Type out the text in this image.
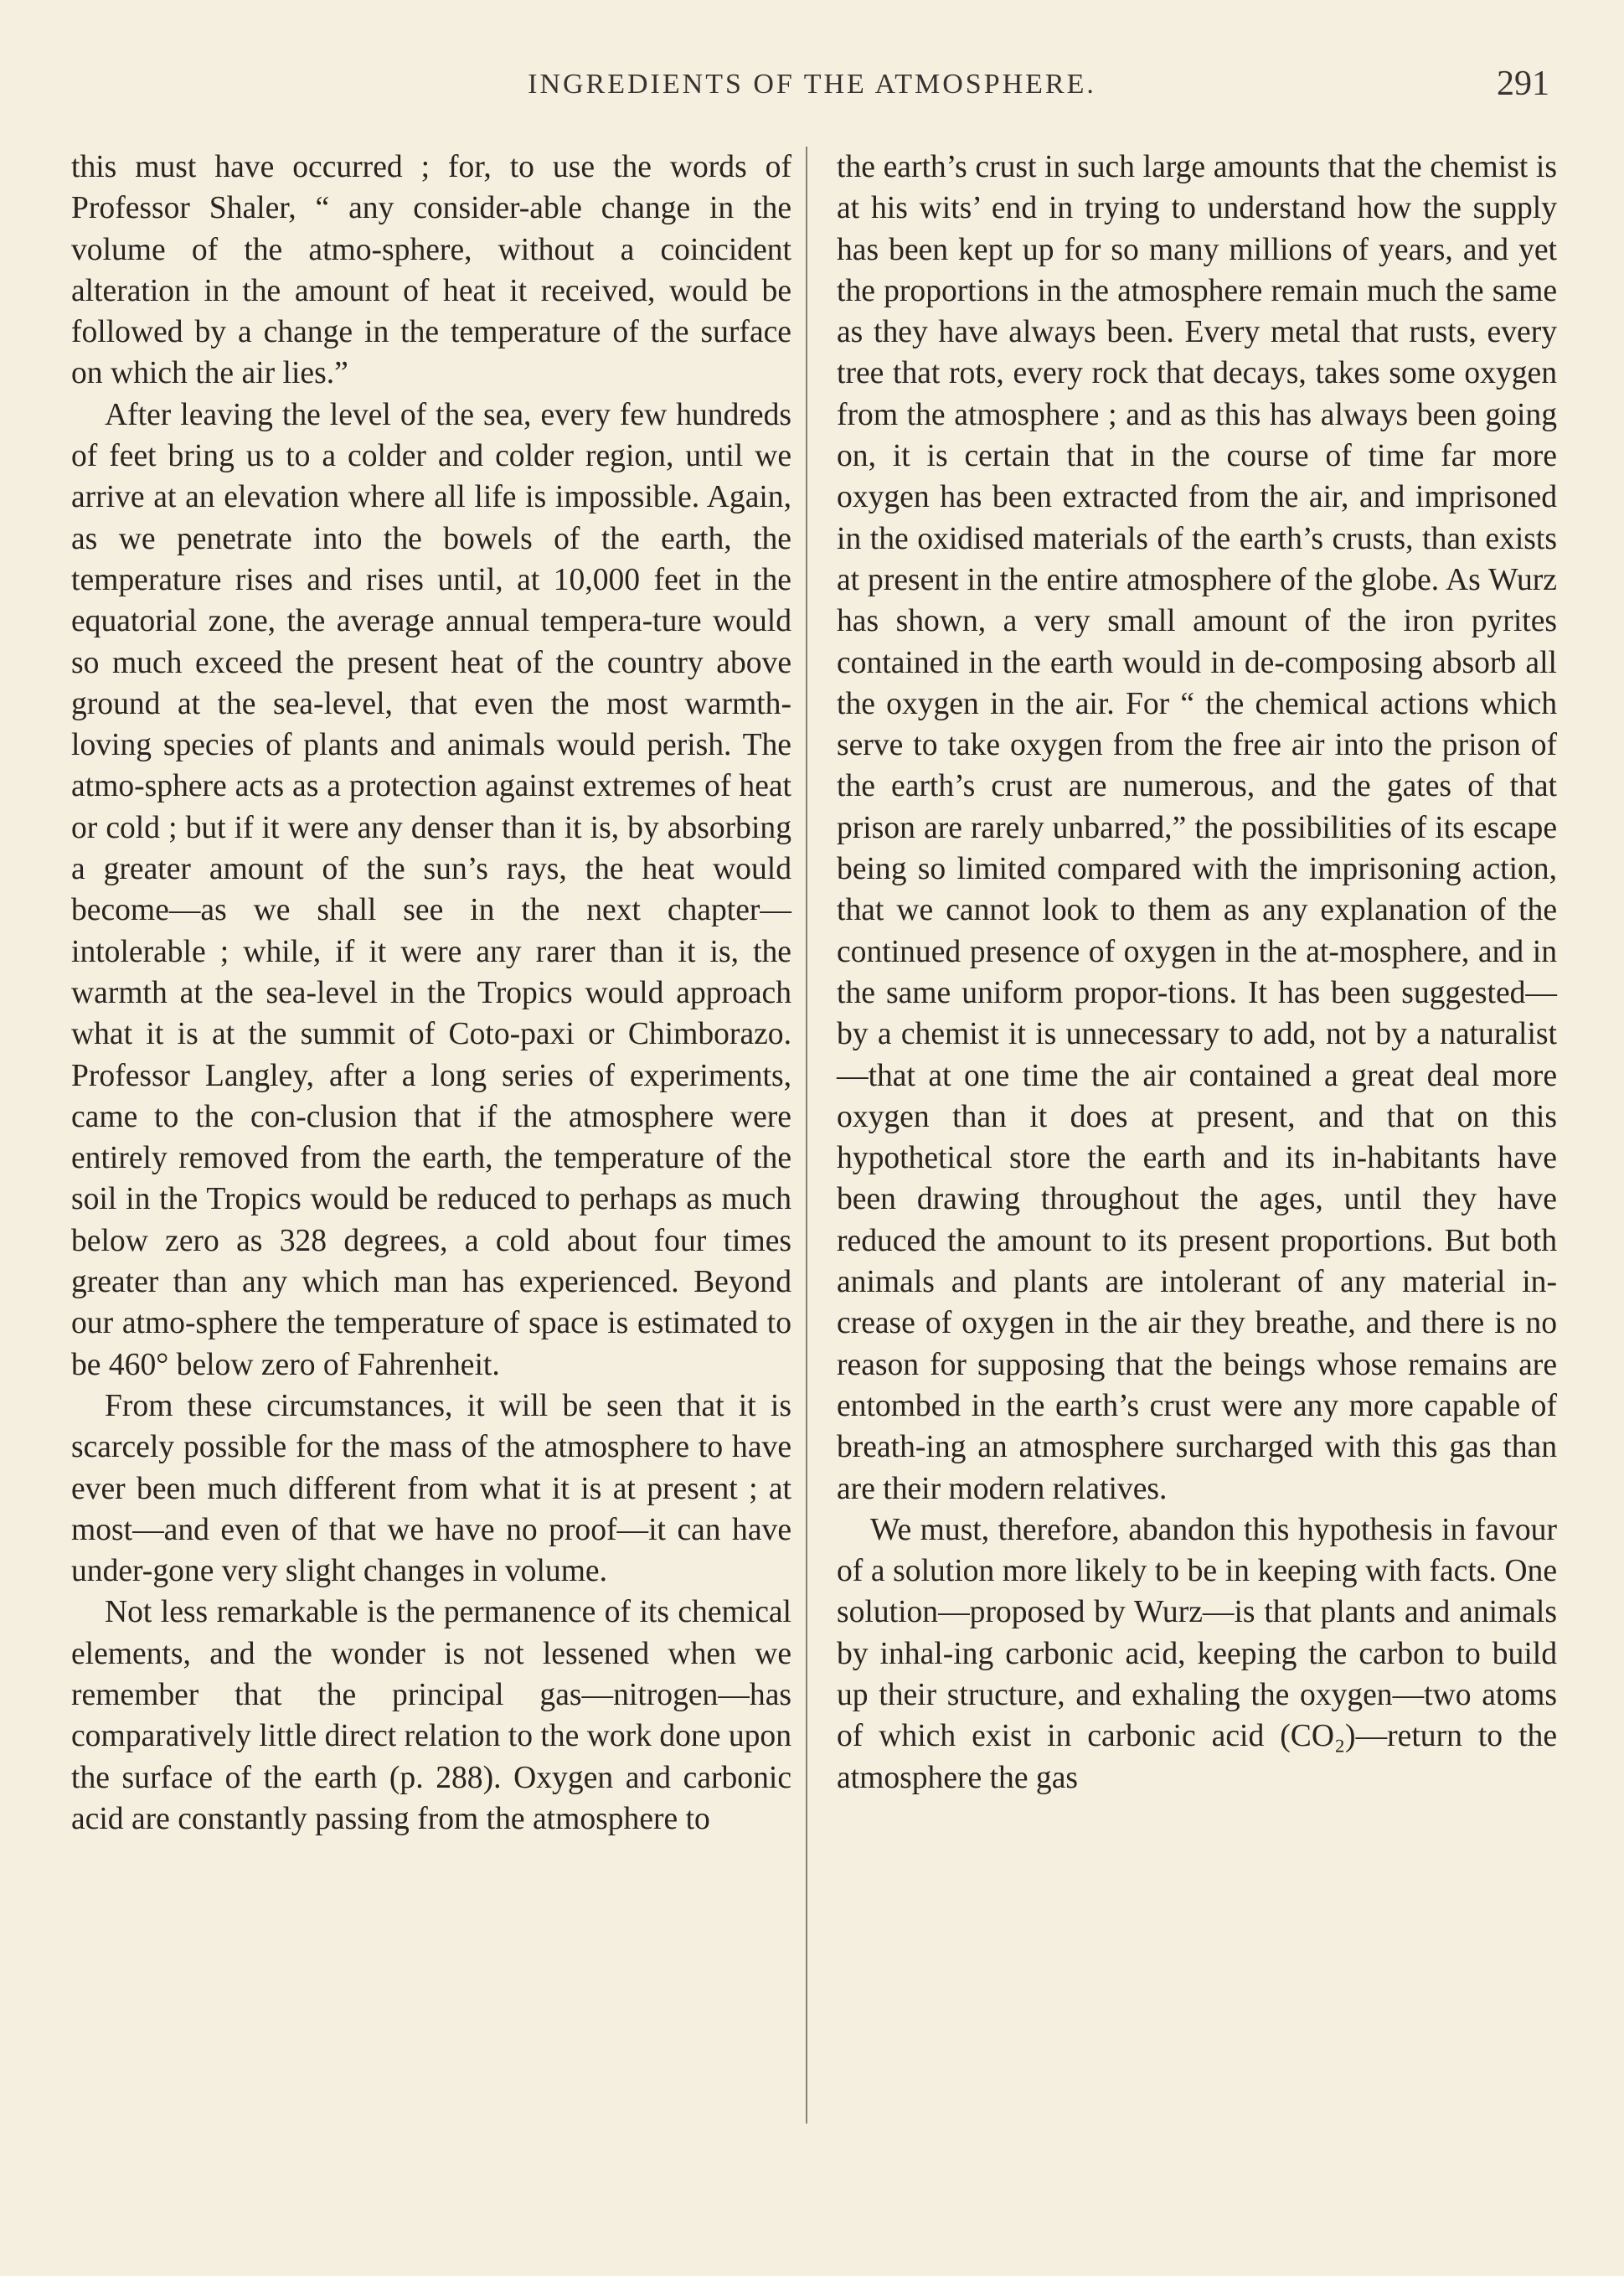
INGREDIENTS OF THE ATMOSPHERE.	291

this must have occurred ; for, to use the words of Professor Shaler, “ any consider-able change in the volume of the atmo-sphere, without a coincident alteration in the amount of heat it received, would be followed by a change in the temperature of the surface on which the air lies.”

After leaving the level of the sea, every few hundreds of feet bring us to a colder and colder region, until we arrive at an elevation where all life is impossible. Again, as we penetrate into the bowels of the earth, the temperature rises and rises until, at 10,000 feet in the equatorial zone, the average annual tempera-ture would so much exceed the present heat of the country above ground at the sea-level, that even the most warmth-loving species of plants and animals would perish. The atmo-sphere acts as a protection against extremes of heat or cold ; but if it were any denser than it is, by absorbing a greater amount of the sun’s rays, the heat would become—as we shall see in the next chapter—intolerable ; while, if it were any rarer than it is, the warmth at the sea-level in the Tropics would approach what it is at the summit of Coto-paxi or Chimborazo. Professor Langley, after a long series of experiments, came to the con-clusion that if the atmosphere were entirely removed from the earth, the temperature of the soil in the Tropics would be reduced to perhaps as much below zero as 328 degrees, a cold about four times greater than any which man has experienced. Beyond our atmo-sphere the temperature of space is estimated to be 460° below zero of Fahrenheit.

From these circumstances, it will be seen that it is scarcely possible for the mass of the atmosphere to have ever been much different from what it is at present ; at most—and even of that we have no proof—it can have under-gone very slight changes in volume.

Not less remarkable is the permanence of its chemical elements, and the wonder is not lessened when we remember that the principal gas—nitrogen—has comparatively little direct relation to the work done upon the surface of the earth (p. 288). Oxygen and carbonic acid are constantly passing from the atmosphere to

the earth’s crust in such large amounts that the chemist is at his wits’ end in trying to understand how the supply has been kept up for so many millions of years, and yet the proportions in the atmosphere remain much the same as they have always been. Every metal that rusts, every tree that rots, every rock that decays, takes some oxygen from the atmosphere ; and as this has always been going on, it is certain that in the course of time far more oxygen has been extracted from the air, and imprisoned in the oxidised materials of the earth’s crusts, than exists at present in the entire atmosphere of the globe. As Wurz has shown, a very small amount of the iron pyrites contained in the earth would in de-composing absorb all the oxygen in the air. For “ the chemical actions which serve to take oxygen from the free air into the prison of the earth’s crust are numerous, and the gates of that prison are rarely unbarred,” the possibilities of its escape being so limited compared with the imprisoning action, that we cannot look to them as any explanation of the continued presence of oxygen in the at-mosphere, and in the same uniform propor-tions. It has been suggested—by a chemist it is unnecessary to add, not by a naturalist—that at one time the air contained a great deal more oxygen than it does at present, and that on this hypothetical store the earth and its in-habitants have been drawing throughout the ages, until they have reduced the amount to its present proportions. But both animals and plants are intolerant of any material in-crease of oxygen in the air they breathe, and there is no reason for supposing that the beings whose remains are entombed in the earth’s crust were any more capable of breath-ing an atmosphere surcharged with this gas than are their modern relatives.

We must, therefore, abandon this hypothesis in favour of a solution more likely to be in keeping with facts. One solution—proposed by Wurz—is that plants and animals by inhal-ing carbonic acid, keeping the carbon to build up their structure, and exhaling the oxygen—two atoms of which exist in carbonic acid (CO₂)—return to the atmosphere the gas
